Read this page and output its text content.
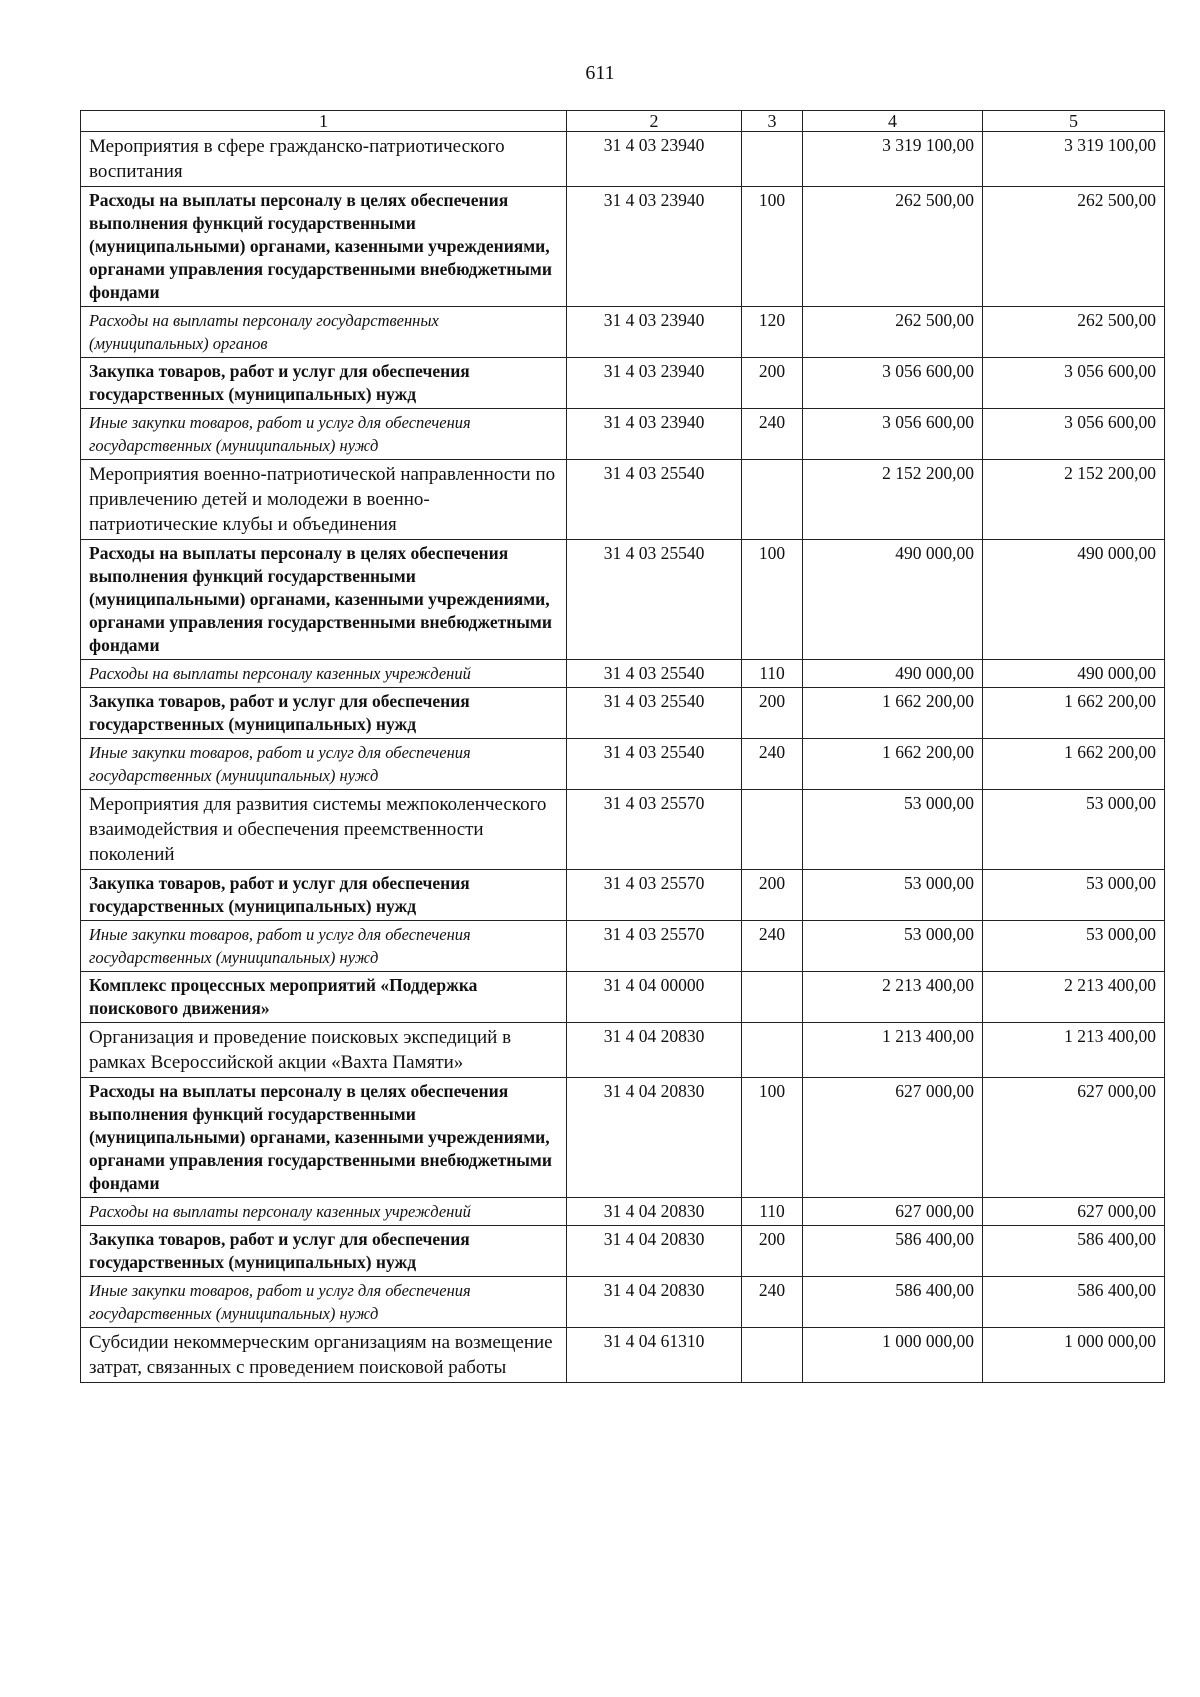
611
1	2	3	4	5
Мероприятия в сфере гражданско-патриотического воспитания	31 4 03 23940		3 319 100,00	3 319 100,00
Расходы на выплаты персоналу в целях обеспечения выполнения функций государственными (муниципальными) органами, казенными учреждениями, органами управления государственными внебюджетными фондами	31 4 03 23940	100	262 500,00	262 500,00
Расходы на выплаты персоналу государственных (муниципальных) органов	31 4 03 23940	120	262 500,00	262 500,00
Закупка товаров, работ и услуг для обеспечения государственных (муниципальных) нужд	31 4 03 23940	200	3 056 600,00	3 056 600,00
Иные закупки товаров, работ и услуг для обеспечения государственных (муниципальных) нужд	31 4 03 23940	240	3 056 600,00	3 056 600,00
Мероприятия военно-патриотической направленности по привлечению детей и молодежи в военно-патриотические клубы и объединения	31 4 03 25540		2 152 200,00	2 152 200,00
Расходы на выплаты персоналу в целях обеспечения выполнения функций государственными (муниципальными) органами, казенными учреждениями, органами управления государственными внебюджетными фондами	31 4 03 25540	100	490 000,00	490 000,00
Расходы на выплаты персоналу казенных учреждений	31 4 03 25540	110	490 000,00	490 000,00
Закупка товаров, работ и услуг для обеспечения государственных (муниципальных) нужд	31 4 03 25540	200	1 662 200,00	1 662 200,00
Иные закупки товаров, работ и услуг для обеспечения государственных (муниципальных) нужд	31 4 03 25540	240	1 662 200,00	1 662 200,00
Мероприятия для развития системы межпоколенческого взаимодействия и обеспечения преемственности поколений	31 4 03 25570		53 000,00	53 000,00
Закупка товаров, работ и услуг для обеспечения государственных (муниципальных) нужд	31 4 03 25570	200	53 000,00	53 000,00
Иные закупки товаров, работ и услуг для обеспечения государственных (муниципальных) нужд	31 4 03 25570	240	53 000,00	53 000,00
Комплекс процессных мероприятий «Поддержка поискового движения»	31 4 04 00000		2 213 400,00	2 213 400,00
Организация и проведение поисковых экспедиций в рамках Всероссийской акции «Вахта Памяти»	31 4 04 20830		1 213 400,00	1 213 400,00
Расходы на выплаты персоналу в целях обеспечения выполнения функций государственными (муниципальными) органами, казенными учреждениями, органами управления государственными внебюджетными фондами	31 4 04 20830	100	627 000,00	627 000,00
Расходы на выплаты персоналу казенных учреждений	31 4 04 20830	110	627 000,00	627 000,00
Закупка товаров, работ и услуг для обеспечения государственных (муниципальных) нужд	31 4 04 20830	200	586 400,00	586 400,00
Иные закупки товаров, работ и услуг для обеспечения государственных (муниципальных) нужд	31 4 04 20830	240	586 400,00	586 400,00
Субсидии некоммерческим организациям на возмещение затрат, связанных с проведением поисковой работы	31 4 04 61310		1 000 000,00	1 000 000,00
